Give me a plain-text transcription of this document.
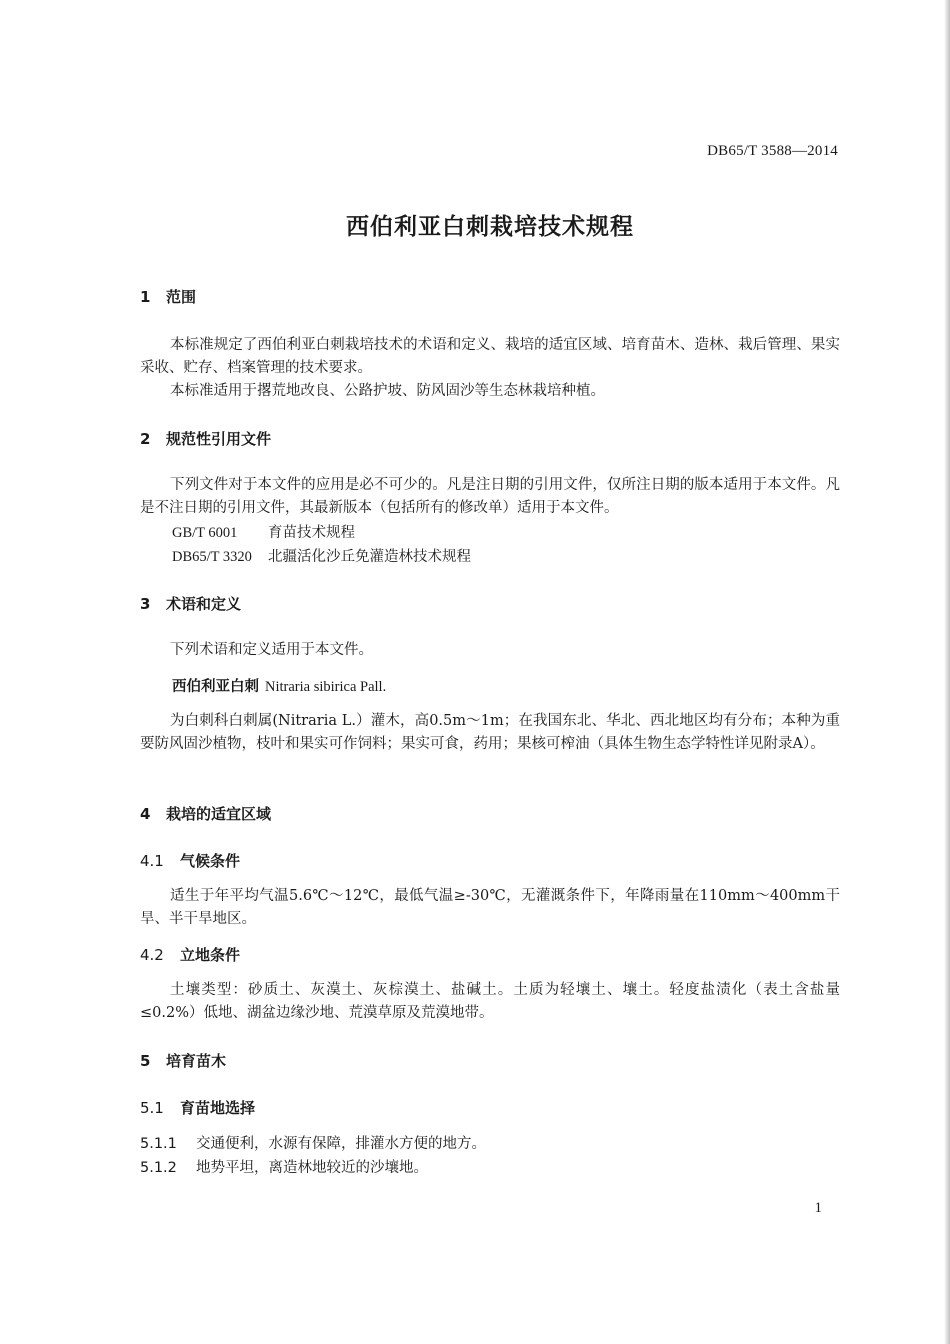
DB65/T 3588—2014
西伯利亚白刺栽培技术规程
1 范围
本标准规定了西伯利亚白刺栽培技术的术语和定义、栽培的适宜区域、培育苗木、造林、栽后管理、果实采收、贮存、档案管理的技术要求。
本标准适用于撂荒地改良、公路护坡、防风固沙等生态林栽培种植。
2 规范性引用文件
下列文件对于本文件的应用是必不可少的。凡是注日期的引用文件，仅所注日期的版本适用于本文件。凡是不注日期的引用文件，其最新版本（包括所有的修改单）适用于本文件。
GB/T 6001 育苗技术规程
DB65/T 3320 北疆活化沙丘免灌造林技术规程
3 术语和定义
下列术语和定义适用于本文件。
西伯利亚白刺 Nitraria sibirica Pall.
为白刺科白刺属(Nitraria L.）灌木，高0.5m～1m；在我国东北、华北、西北地区均有分布；本种为重要防风固沙植物，枝叶和果实可作饲料；果实可食，药用；果核可榨油（具体生物生态学特性详见附录A）。
4 栽培的适宜区域
4.1 气候条件
适生于年平均气温5.6℃～12℃，最低气温≥-30℃，无灌溉条件下，年降雨量在110mm～400mm干旱、半干旱地区。
4.2 立地条件
土壤类型：砂质土、灰漠土、灰棕漠土、盐碱土。土质为轻壤土、壤土。轻度盐渍化（表土含盐量≤0.2%）低地、湖盆边缘沙地、荒漠草原及荒漠地带。
5 培育苗木
5.1 育苗地选择
5.1.1 交通便利，水源有保障，排灌水方便的地方。
5.1.2 地势平坦，离造林地较近的沙壤地。
1
